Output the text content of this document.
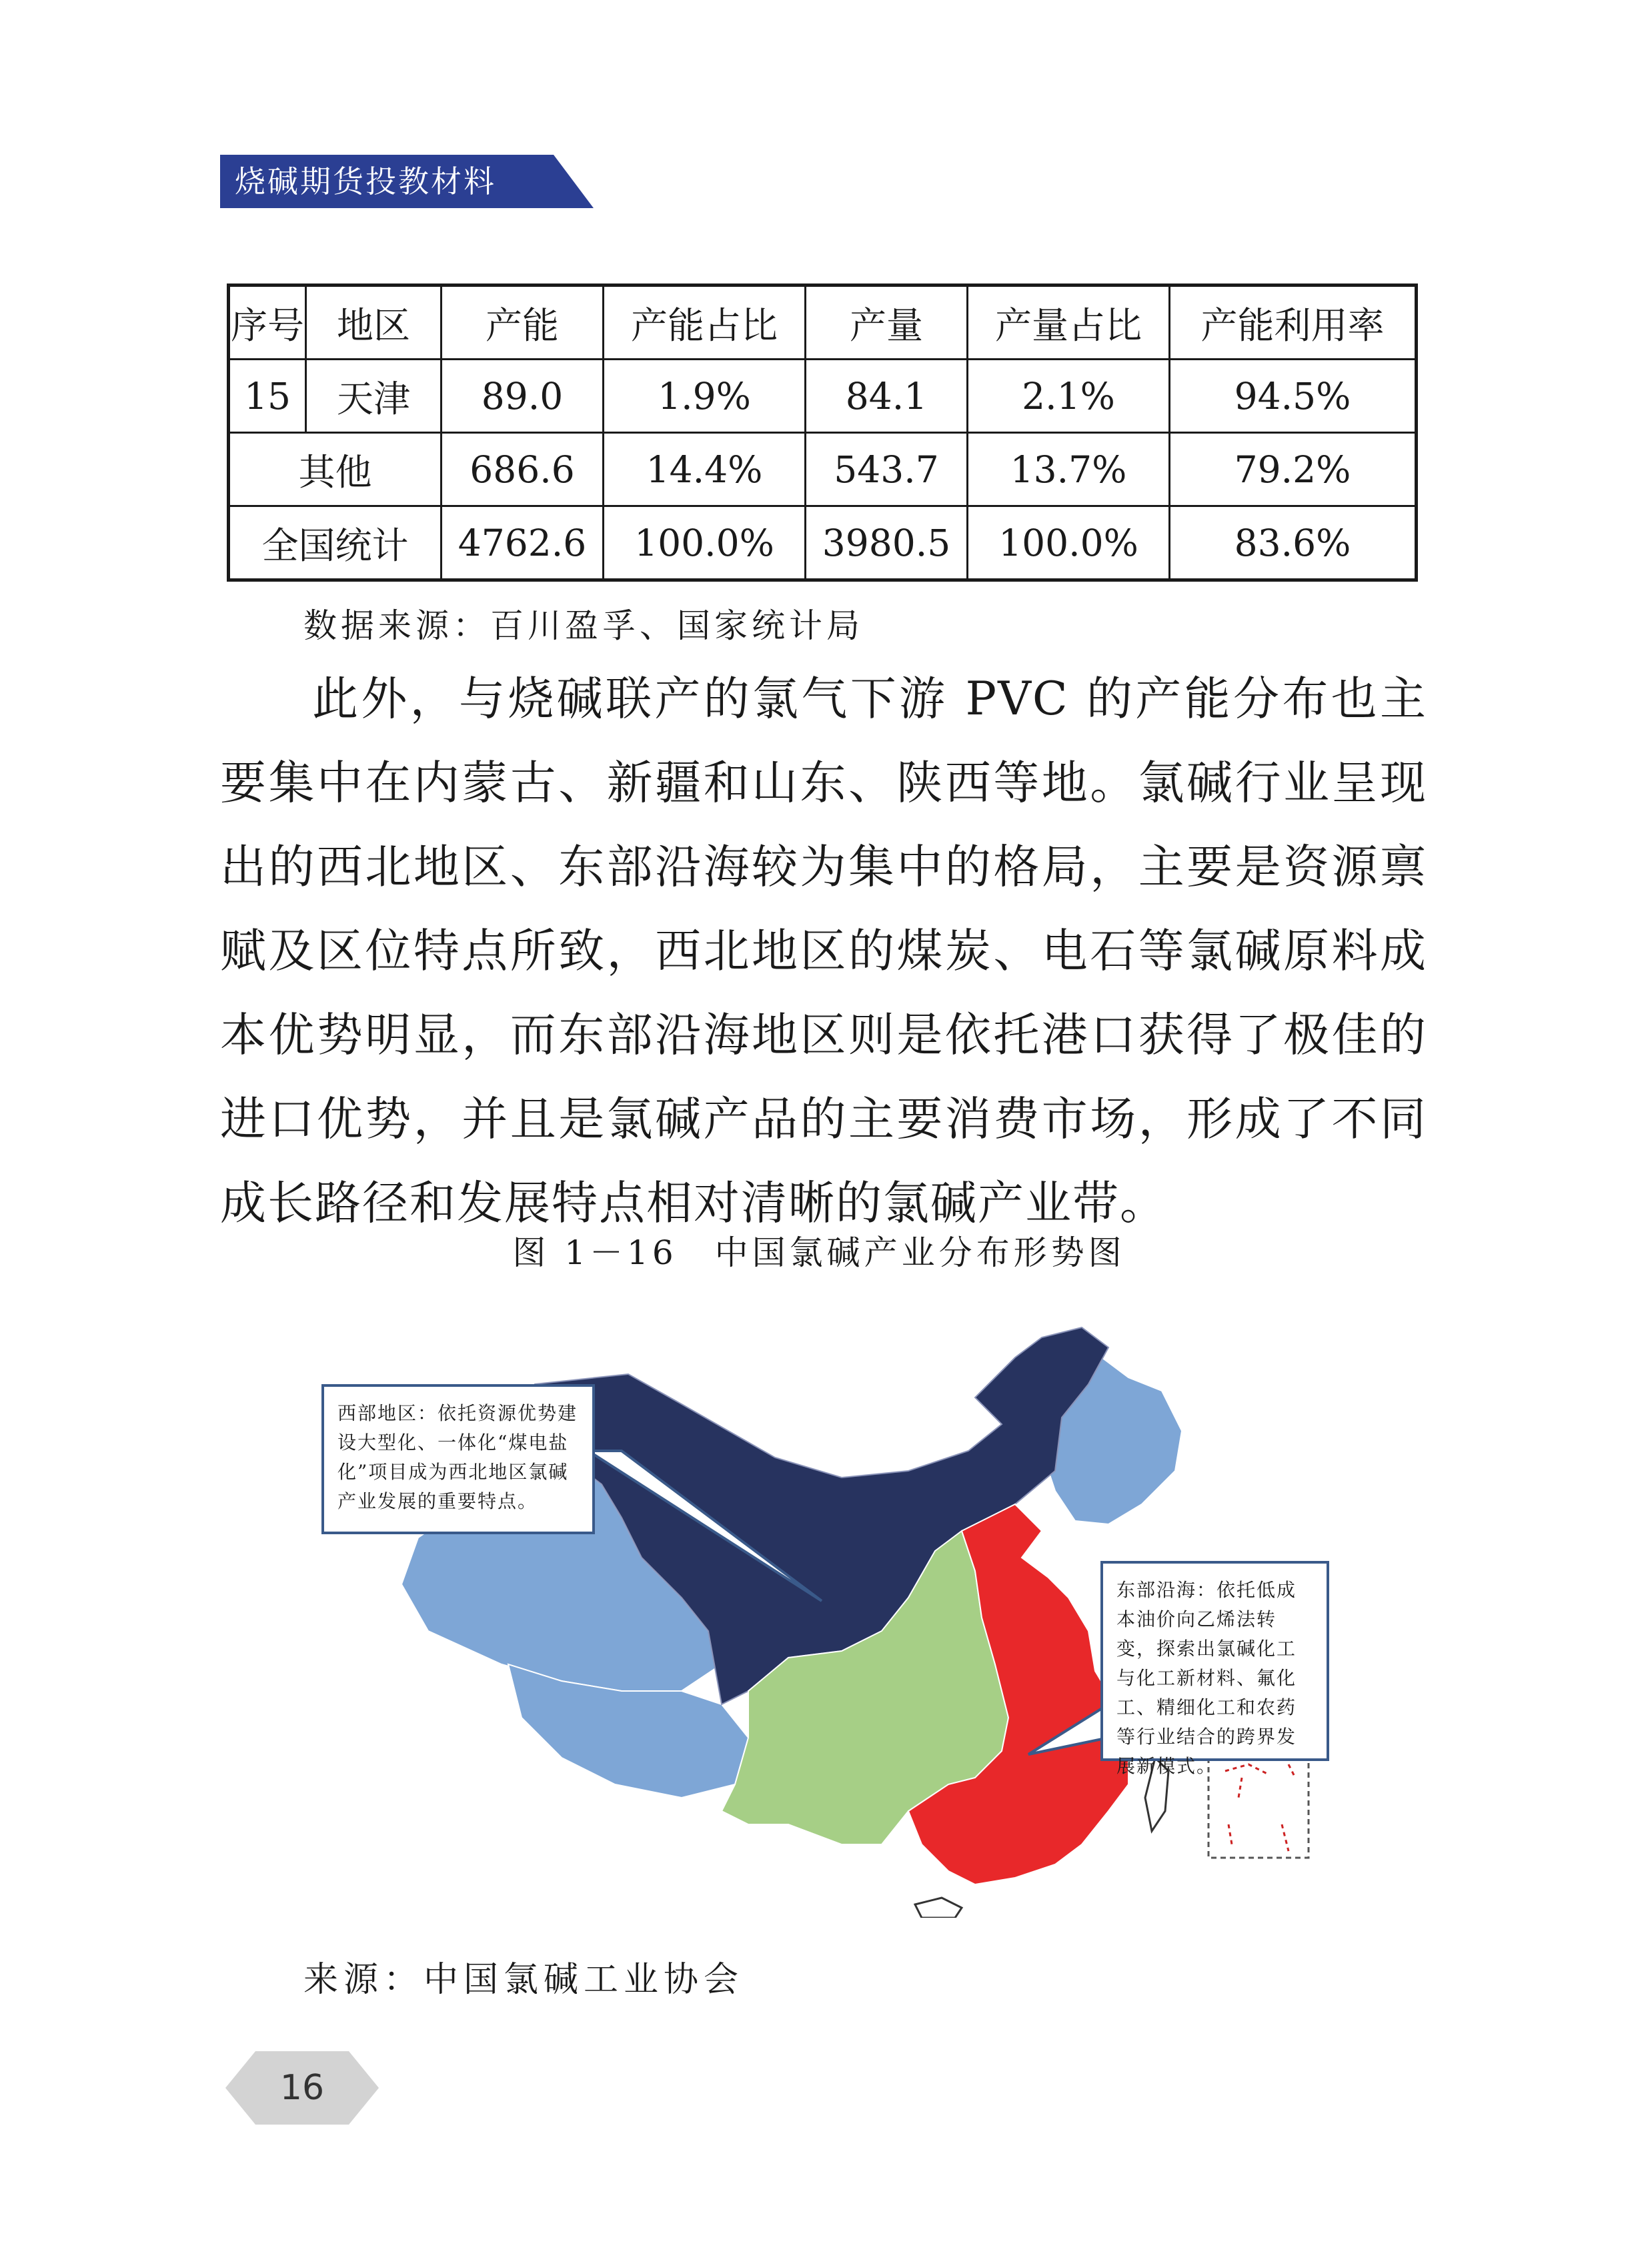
烧碱期货投教材料
序号	地区	产能	产能占比	产量	产量占比	产能利用率
15	天津	89.0	1.9%	84.1	2.1%	94.5%
其他		686.6	14.4%	543.7	13.7%	79.2%
全国统计		4762.6	100.0%	3980.5	100.0%	83.6%
数据来源：百川盈孚、国家统计局

此外，与烧碱联产的氯气下游 PVC 的产能分布也主要集中在内蒙古、新疆和山东、陕西等地。氯碱行业呈现出的西北地区、东部沿海较为集中的格局，主要是资源禀赋及区位特点所致，西北地区的煤炭、电石等氯碱原料成本优势明显，而东部沿海地区则是依托港口获得了极佳的进口优势，并且是氯碱产品的主要消费市场，形成了不同成长路径和发展特点相对清晰的氯碱产业带。

图 1－16　中国氯碱产业分布形势图
西部地区：依托资源优势建设大型化、一体化“煤电盐化”项目成为西北地区氯碱产业发展的重要特点。
东部沿海：依托低成本油价向乙烯法转变，探索出氯碱化工与化工新材料、氟化工、精细化工和农药等行业结合的跨界发展新模式。
来源：中国氯碱工业协会
16
